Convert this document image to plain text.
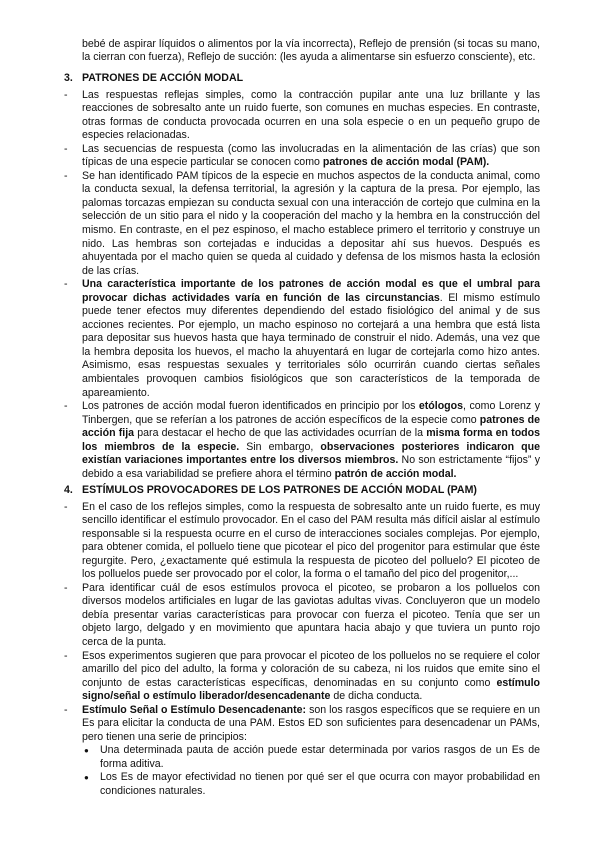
bebé de aspirar líquidos o alimentos por la vía incorrecta), Reflejo de prensión (si tocas su mano, la cierran con fuerza), Reflejo de succión: (les ayuda a alimentarse sin esfuerzo consciente), etc.

3. PATRONES DE ACCIÓN MODAL

- Las respuestas reflejas simples, como la contracción pupilar ante una luz brillante y las reacciones de sobresalto ante un ruido fuerte, son comunes en muchas especies. En contraste, otras formas de conducta provocada ocurren en una sola especie o en un pequeño grupo de especies relacionadas.

- Las secuencias de respuesta (como las involucradas en la alimentación de las crías) que son típicas de una especie particular se conocen como patrones de acción modal (PAM).

- Se han identificado PAM típicos de la especie en muchos aspectos de la conducta animal, como la conducta sexual, la defensa territorial, la agresión y la captura de la presa. Por ejemplo, las palomas torcazas empiezan su conducta sexual con una interacción de cortejo que culmina en la selección de un sitio para el nido y la cooperación del macho y la hembra en la construcción del mismo. En contraste, en el pez espinoso, el macho establece primero el territorio y construye un nido. Las hembras son cortejadas e inducidas a depositar ahí sus huevos. Después es ahuyentada por el macho quien se queda al cuidado y defensa de los mismos hasta la eclosión de las crías.

- Una característica importante de los patrones de acción modal es que el umbral para provocar dichas actividades varía en función de las circunstancias. El mismo estímulo puede tener efectos muy diferentes dependiendo del estado fisiológico del animal y de sus acciones recientes. Por ejemplo, un macho espinoso no cortejará a una hembra que está lista para depositar sus huevos hasta que haya terminado de construir el nido. Además, una vez que la hembra deposita los huevos, el macho la ahuyentará en lugar de cortejarla como hizo antes. Asimismo, esas respuestas sexuales y territoriales sólo ocurrirán cuando ciertas señales ambientales provoquen cambios fisiológicos que son característicos de la temporada de apareamiento.

- Los patrones de acción modal fueron identificados en principio por los etólogos, como Lorenz y Tinbergen, que se referían a los patrones de acción específicos de la especie como patrones de acción fija para destacar el hecho de que las actividades ocurrían de la misma forma en todos los miembros de la especie. Sin embargo, observaciones posteriores indicaron que existían variaciones importantes entre los diversos miembros. No son estrictamente “fijos” y debido a esa variabilidad se prefiere ahora el término patrón de acción modal.

4. ESTÍMULOS PROVOCADORES DE LOS PATRONES DE ACCIÓN MODAL (PAM)

- En el caso de los reflejos simples, como la respuesta de sobresalto ante un ruido fuerte, es muy sencillo identificar el estímulo provocador. En el caso del PAM resulta más difícil aislar al estímulo responsable si la respuesta ocurre en el curso de interacciones sociales complejas. Por ejemplo, para obtener comida, el polluelo tiene que picotear el pico del progenitor para estimular que éste regurgite. Pero, ¿exactamente qué estimula la respuesta de picoteo del polluelo? El picoteo de los polluelos puede ser provocado por el color, la forma o el tamaño del pico del progenitor,...

- Para identificar cuál de esos estímulos provoca el picoteo, se probaron a los polluelos con diversos modelos artificiales en lugar de las gaviotas adultas vivas. Concluyeron que un modelo debía presentar varias características para provocar con fuerza el picoteo. Tenía que ser un objeto largo, delgado y en movimiento que apuntara hacia abajo y que tuviera un punto rojo cerca de la punta.

- Esos experimentos sugieren que para provocar el picoteo de los polluelos no se requiere el color amarillo del pico del adulto, la forma y coloración de su cabeza, ni los ruidos que emite sino el conjunto de estas características específicas, denominadas en su conjunto como estímulo signo/señal o estímulo liberador/desencadenante de dicha conducta.

- Estímulo Señal o Estímulo Desencadenante: son los rasgos específicos que se requiere en un Es para elicitar la conducta de una PAM. Estos ED son suficientes para desencadenar un PAMs, pero tienen una serie de principios:

● Una determinada pauta de acción puede estar determinada por varios rasgos de un Es de forma aditiva.
● Los Es de mayor efectividad no tienen por qué ser el que ocurra con mayor probabilidad en condiciones naturales.
